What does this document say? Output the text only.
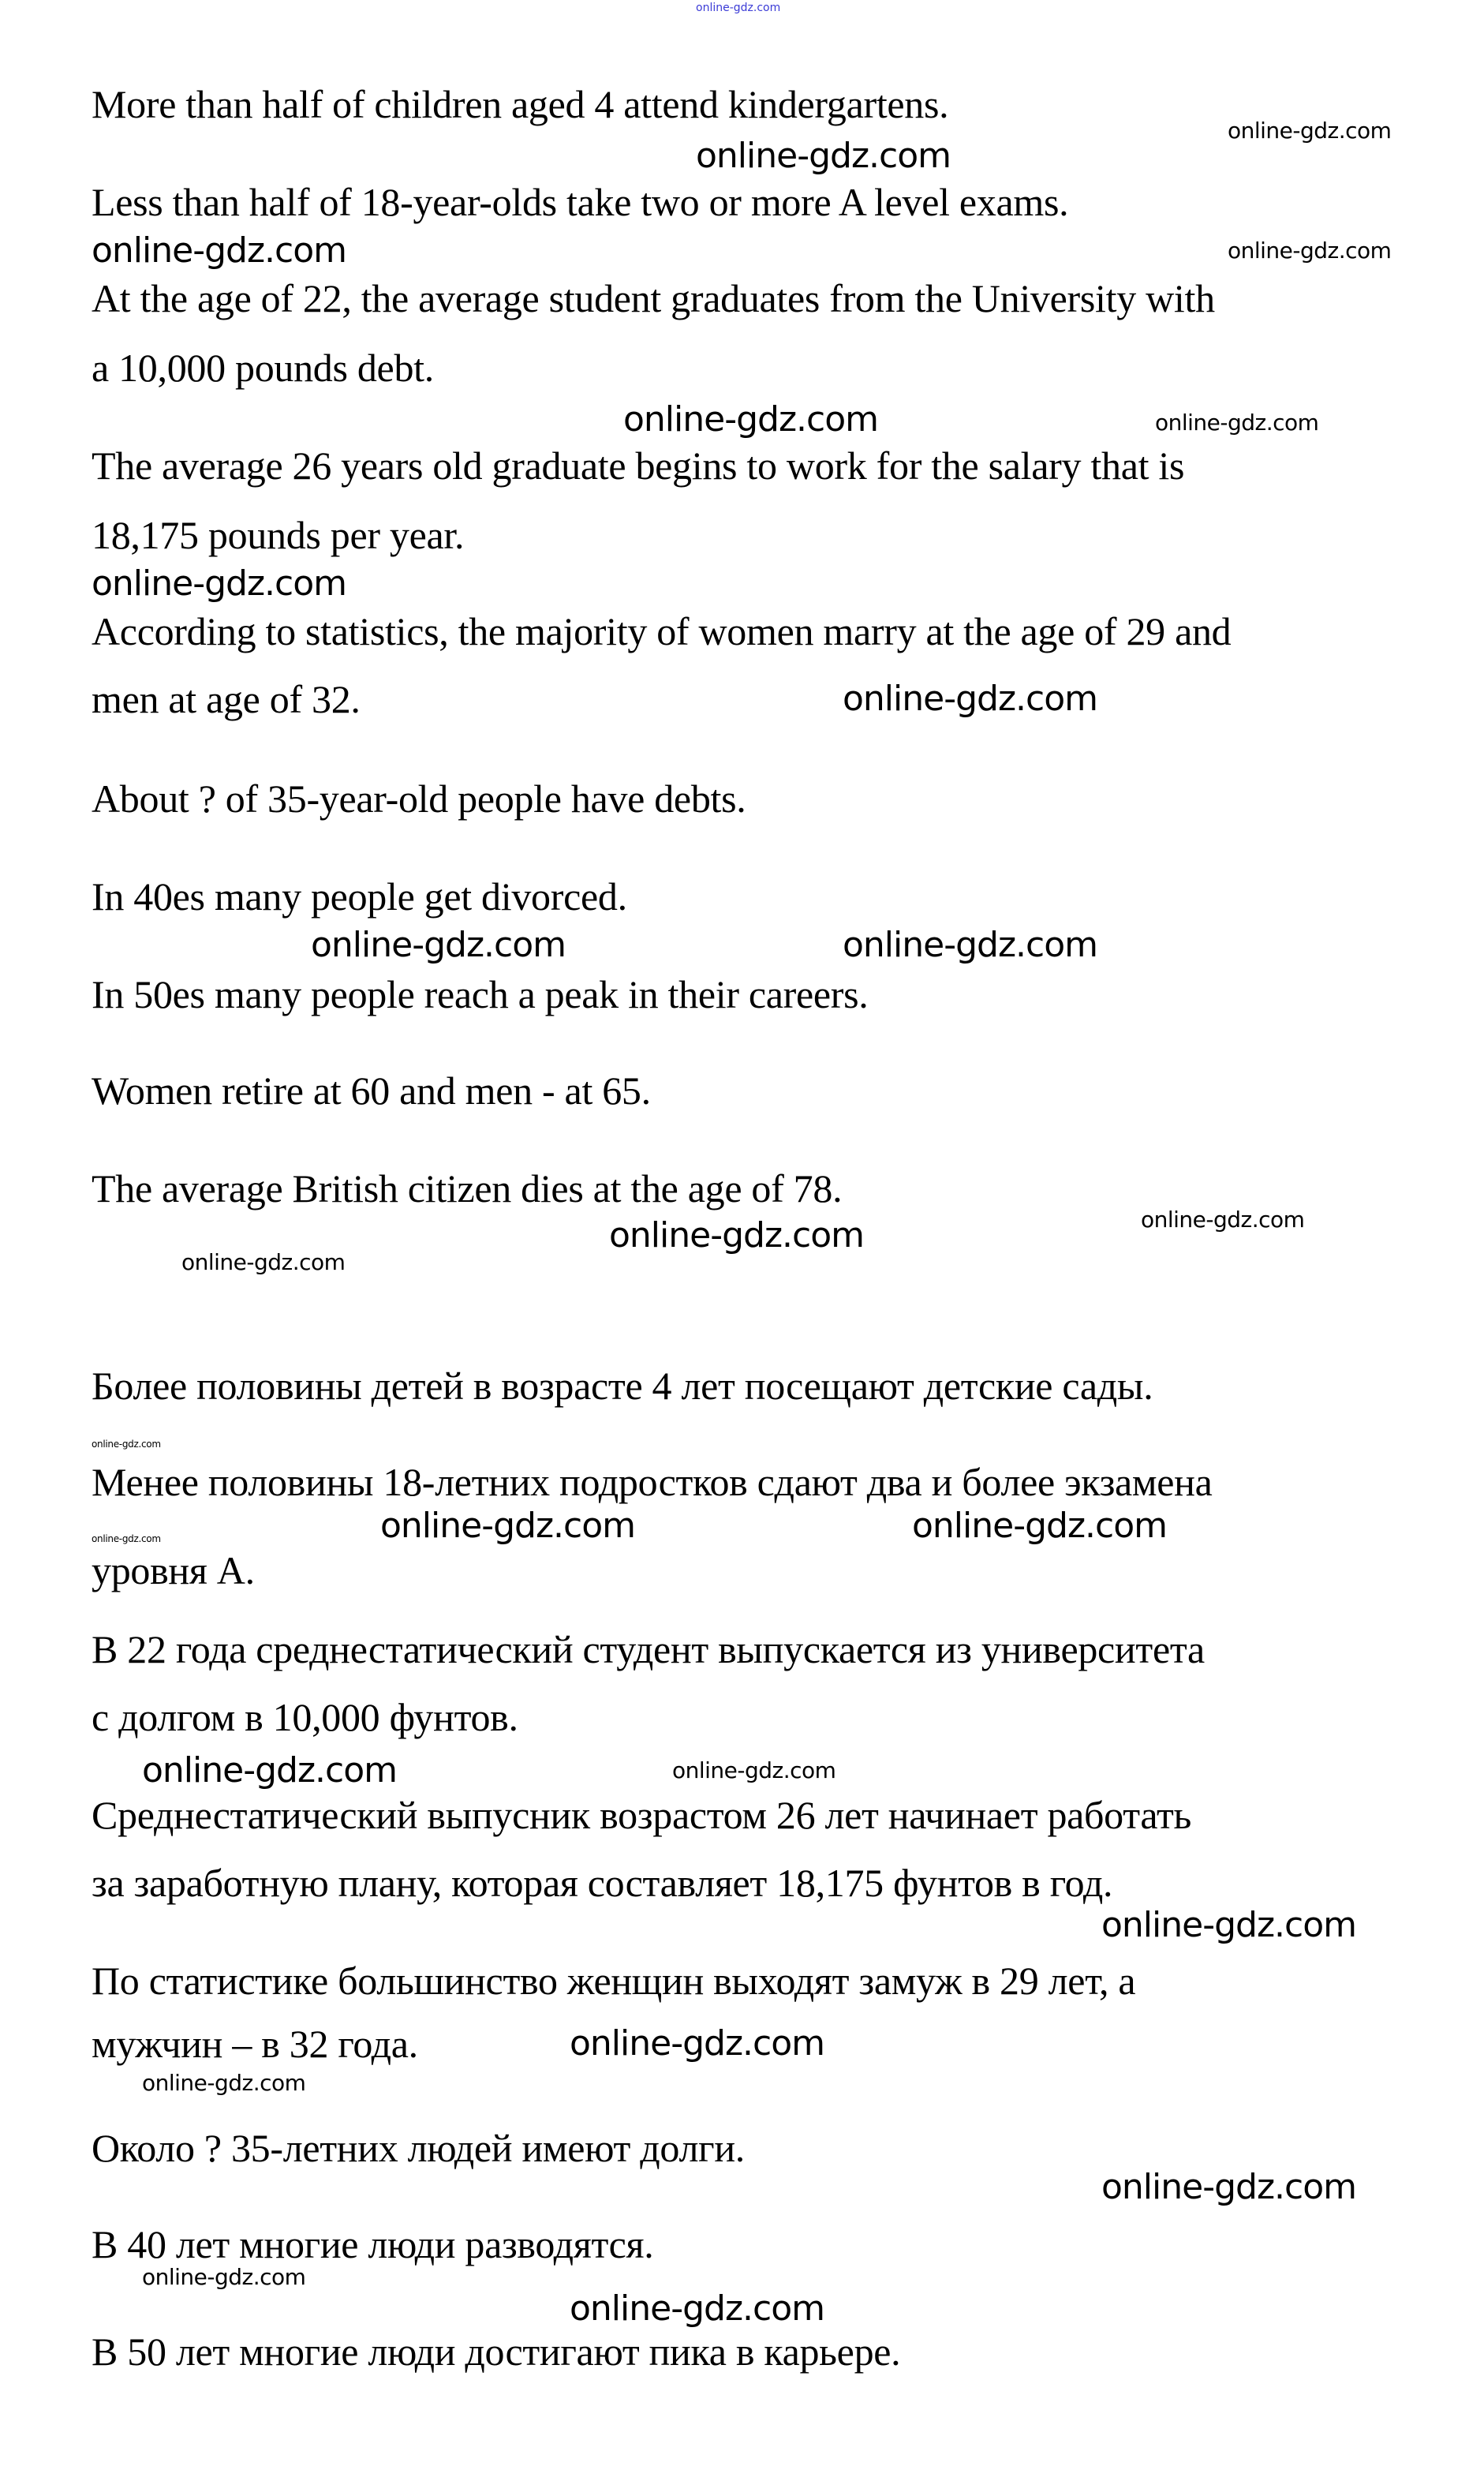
online-gdz.com
More than half of children aged 4 attend kindergartens.
Less than half of 18-year-olds take two or more A level exams.
At the age of 22, the average student graduates from the University with
a 10,000 pounds debt.
The average 26 years old graduate begins to work for the salary that is
18,175 pounds per year.
According to statistics, the majority of women marry at the age of 29 and
men at age of 32.
About ? of 35-year-old people have debts.
In 40es many people get divorced.
In 50es many people reach a peak in their careers.
Women retire at 60 and men - at 65.
The average British citizen dies at the age of 78.
Более половины детей в возрасте 4 лет посещают детские сады.
Менее половины 18-летних подростков сдают два и более экзамена
уровня А.
В 22 года среднестатический студент выпускается из университета
с долгом в 10,000 фунтов.
Среднестатический выпусник возрастом 26 лет начинает работать
за заработную плану, которая составляет 18,175 фунтов в год.
По статистике большинство женщин выходят замуж в 29 лет, а
мужчин – в 32 года.
Около ? 35-летних людей имеют долги.
В 40 лет многие люди разводятся.
В 50 лет многие люди достигают пика в карьере.
online-gdz.com
online-gdz.com
online-gdz.com	online-gdz.com
online-gdz.com	online-gdz.com
online-gdz.com
online-gdz.com
online-gdz.com	online-gdz.com
online-gdz.com
online-gdz.com
online-gdz.com
online-gdz.com
online-gdz.com	online-gdz.com
online-gdz.com
online-gdz.com	online-gdz.com
online-gdz.com
online-gdz.com
online-gdz.com
online-gdz.com
online-gdz.com
online-gdz.com
